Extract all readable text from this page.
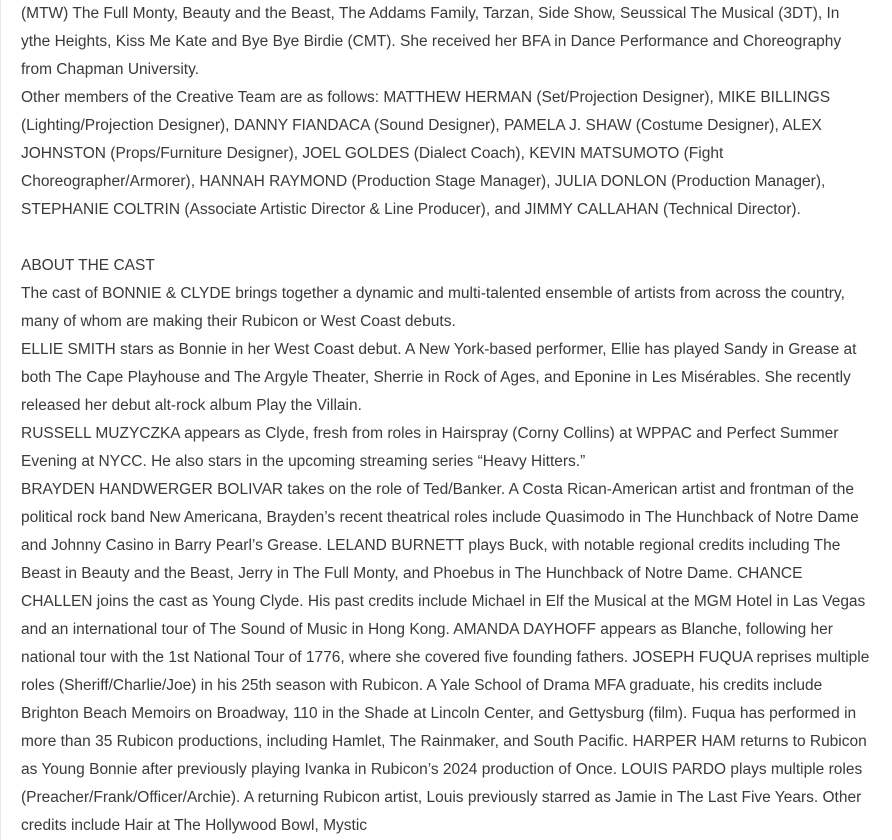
(MTW) The Full Monty, Beauty and the Beast, The Addams Family, Tarzan, Side Show, Seussical The Musical (3DT), In ythe Heights, Kiss Me Kate and Bye Bye Birdie (CMT). She received her BFA in Dance Performance and Choreography from Chapman University.

Other members of the Creative Team are as follows: MATTHEW HERMAN (Set/Projection Designer), MIKE BILLINGS (Lighting/Projection Designer), DANNY FIANDACA (Sound Designer), PAMELA J. SHAW (Costume Designer), ALEX JOHNSTON (Props/Furniture Designer), JOEL GOLDES (Dialect Coach), KEVIN MATSUMOTO (Fight Choreographer/Armorer), HANNAH RAYMOND (Production Stage Manager), JULIA DONLON (Production Manager), STEPHANIE COLTRIN (Associate Artistic Director & Line Producer), and JIMMY CALLAHAN (Technical Director).

ABOUT THE CAST

The cast of BONNIE & CLYDE brings together a dynamic and multi-talented ensemble of artists from across the country, many of whom are making their Rubicon or West Coast debuts.

ELLIE SMITH stars as Bonnie in her West Coast debut. A New York-based performer, Ellie has played Sandy in Grease at both The Cape Playhouse and The Argyle Theater, Sherrie in Rock of Ages, and Eponine in Les Misérables. She recently released her debut alt-rock album Play the Villain.

RUSSELL MUZYCZKA appears as Clyde, fresh from roles in Hairspray (Corny Collins) at WPPAC and Perfect Summer Evening at NYCC. He also stars in the upcoming streaming series “Heavy Hitters.”

BRAYDEN HANDWERGER BOLIVAR takes on the role of Ted/Banker. A Costa Rican-American artist and frontman of the political rock band New Americana, Brayden’s recent theatrical roles include Quasimodo in The Hunchback of Notre Dame and Johnny Casino in Barry Pearl’s Grease. LELAND BURNETT plays Buck, with notable regional credits including The Beast in Beauty and the Beast, Jerry in The Full Monty, and Phoebus in The Hunchback of Notre Dame. CHANCE CHALLEN joins the cast as Young Clyde. His past credits include Michael in Elf the Musical at the MGM Hotel in Las Vegas and an international tour of The Sound of Music in Hong Kong. AMANDA DAYHOFF appears as Blanche, following her national tour with the 1st National Tour of 1776, where she covered five founding fathers. JOSEPH FUQUA reprises multiple roles (Sheriff/Charlie/Joe) in his 25th season with Rubicon. A Yale School of Drama MFA graduate, his credits include Brighton Beach Memoirs on Broadway, 110 in the Shade at Lincoln Center, and Gettysburg (film). Fuqua has performed in more than 35 Rubicon productions, including Hamlet, The Rainmaker, and South Pacific. HARPER HAM returns to Rubicon as Young Bonnie after previously playing Ivanka in Rubicon’s 2024 production of Once. LOUIS PARDO plays multiple roles (Preacher/Frank/Officer/Archie). A returning Rubicon artist, Louis previously starred as Jamie in The Last Five Years. Other credits include Hair at The Hollywood Bowl, Mystic
